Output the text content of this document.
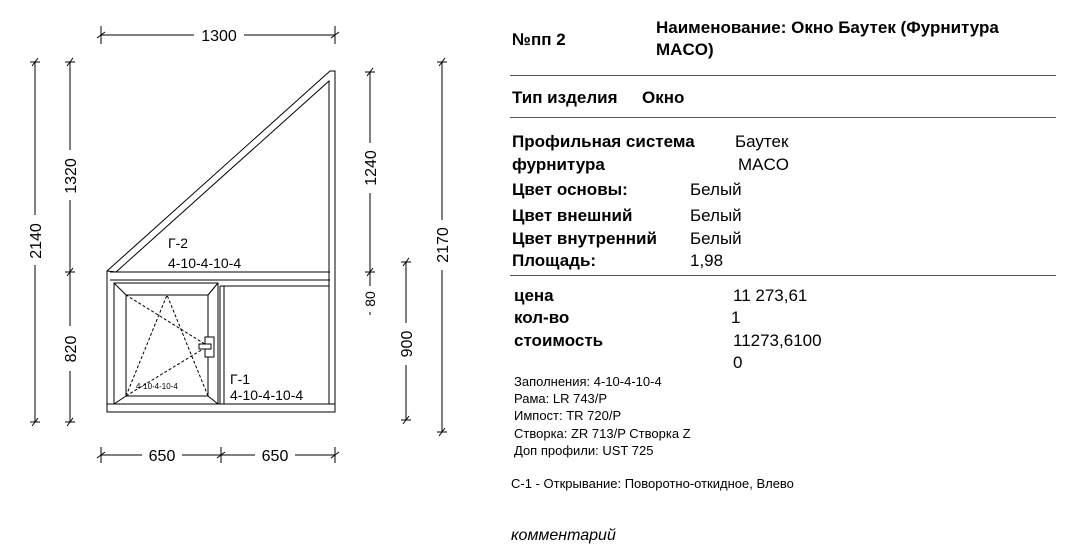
1300
2140
1320
820
1240
80
900
2170
650	650
Г-2
4-10-4-10-4
Г-1
4-10-4-10-4
4-10-4-10-4
№пп 2
Наименование: Окно Баутек (Фурнитура
MACO)
Тип изделия Окно
Профильная система Баутек
фурнитура	MACO
Цвет основы:	Белый
Цвет внешний	Белый
Цвет внутренний Белый
Площадь:	1,98
цена	11 273,61
кол-во	1
стоимость	11273,6100
0
Заполнения: 4-10-4-10-4
Рама: LR 743/P
Импост: TR 720/P
Створка: ZR 713/P Створка Z
Доп профили: UST 725
С-1 - Открывание: Поворотно-откидное, Влево
комментарий
